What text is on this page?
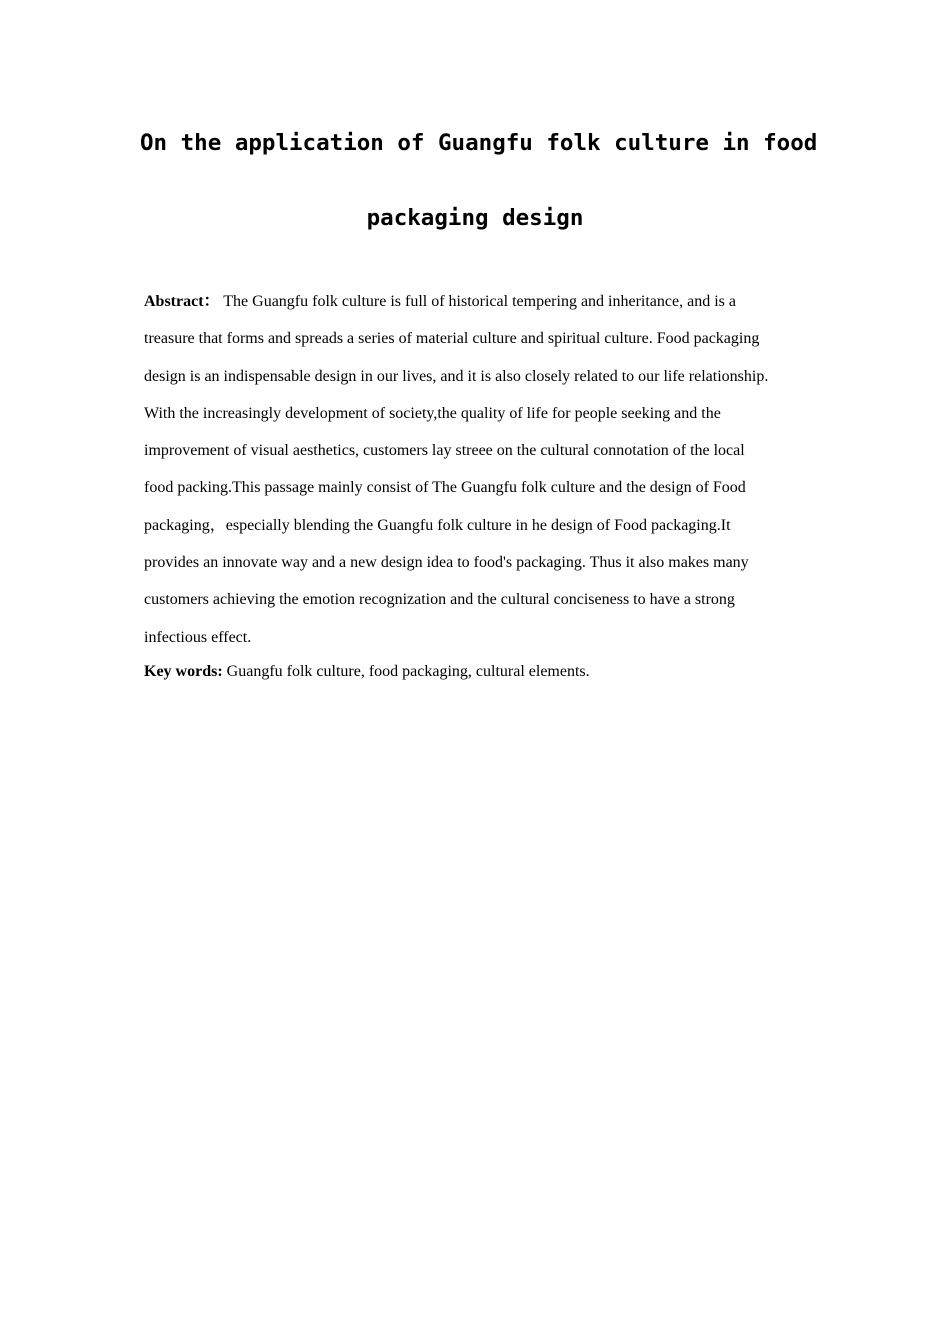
On the application of Guangfu folk culture in food
packaging design
Abstract： The Guangfu folk culture is full of historical tempering and inheritance, and is a
treasure that forms and spreads a series of material culture and spiritual culture. Food packaging
design is an indispensable design in our lives, and it is also closely related to our life relationship.
With the increasingly development of society,the quality of life for people seeking and the
improvement of visual aesthetics, customers lay streee on the cultural connotation of the local
food packing.This passage mainly consist of The Guangfu folk culture and the design of Food
packaging，especially blending the Guangfu folk culture in he design of Food packaging.It
provides an innovate way and a new design idea to food's packaging. Thus it also makes many
customers achieving the emotion recognization and the cultural conciseness to have a strong
infectious effect.
Key words: Guangfu folk culture, food packaging, cultural elements.
